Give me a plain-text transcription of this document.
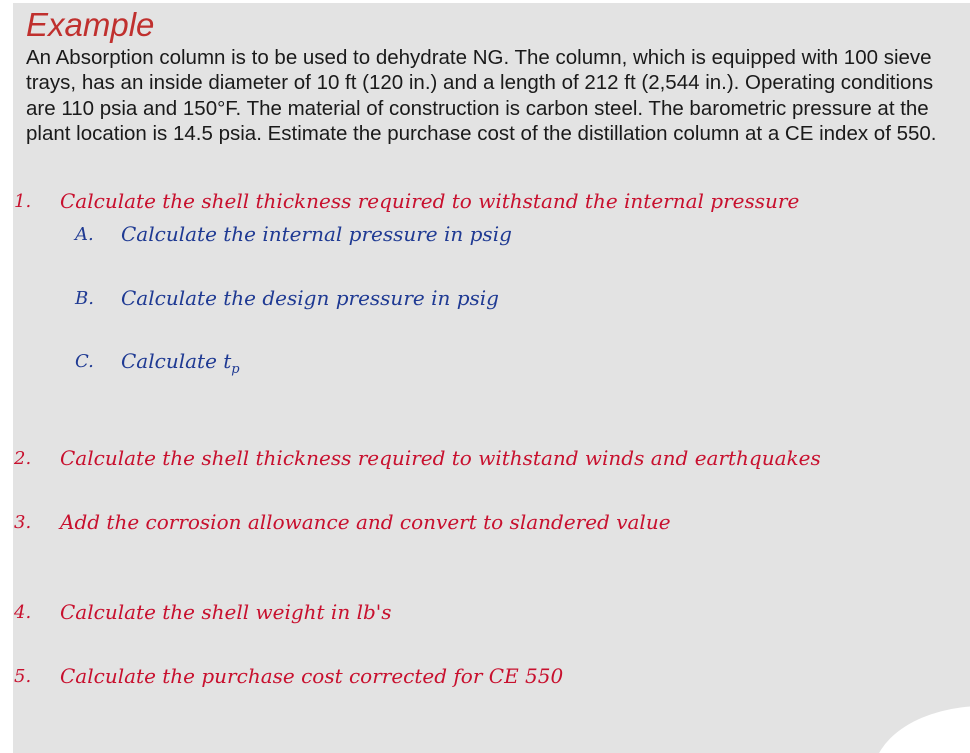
Example
An Absorption column is to be used to dehydrate NG. The column, which is equipped with 100 sieve trays, has an inside diameter of 10 ft (120 in.) and a length of 212 ft (2,544 in.). Operating conditions are 110 psia and 150°F. The material of construction is carbon steel. The barometric pressure at the plant location is 14.5 psia. Estimate the purchase cost of the distillation column at a CE index of 550.
1. Calculate the shell thickness required to withstand the internal pressure
A. Calculate the internal pressure in psig
B. Calculate the design pressure in psig
C. Calculate $t_p$
2. Calculate the shell thickness required to withstand winds and earthquakes
3. Add the corrosion allowance and convert to slandered value
4. Calculate the shell weight in lb's
5. Calculate the purchase cost corrected for CE 550
